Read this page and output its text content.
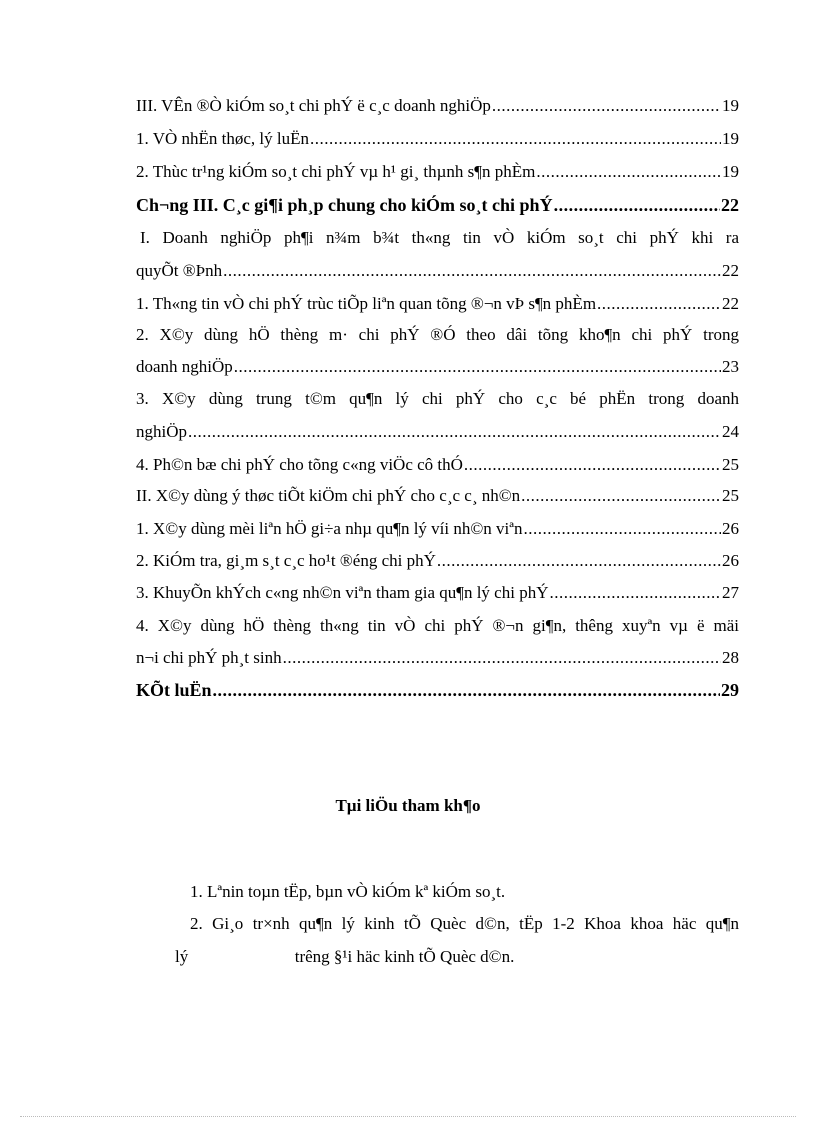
III. VÊn ®Ò kiÓm so¸t chi phÝ ë c¸c doanh nghiÖp .....	19
1. VÒ nhËn thøc, lý luËn .....	19
2. Thùc tr¹ng kiÓm so¸t chi phÝ vµ h¹ gi¸ thµnh s¶n phÈm .....	19
Ch¬ng III. C¸c gi¶i ph¸p chung cho kiÓm so¸t chi phÝ .....	22
I. Doanh nghiÖp ph¶i n¾m b¾t th«ng tin vÒ kiÓm so¸t chi phÝ khi ra
quyÕt ®Þnh .....	22
1. Th«ng tin vÒ chi phÝ trùc tiÕp liªn quan tõng ®¬n vÞ s¶n phÈm .....	22
2. X©y dùng hÖ thèng m· chi phÝ ®Ó theo dâi tõng kho¶n chi phÝ trong
doanh nghiÖp .....	23
3. X©y dùng trung t©m qu¶n lý chi phÝ cho c¸c bé phËn trong doanh
nghiÖp .....	24
4. Ph©n bæ chi phÝ cho tõng c«ng viÖc cô thÓ .....	25
II. X©y dùng ý thøc tiÕt kiÖm chi phÝ cho c¸c c¸ nh©n .....	25
1. X©y dùng mèi liªn hÖ gi÷a nhµ qu¶n lý víi nh©n viªn .....	26
2. KiÓm tra, gi¸m s¸t c¸c ho¹t ®éng chi phÝ .....	26
3. KhuyÕn khÝch c«ng nh©n viªn tham gia qu¶n lý chi phÝ .....	27
4. X©y dùng hÖ thèng th«ng tin vÒ chi phÝ ®¬n gi¶n, thêng xuyªn vµ ë mäi
n¬i chi phÝ ph¸t sinh .....	28
KÕt luËn .....	29
Tµi liÖu tham kh¶o
1. Lªnin toµn tËp, bµn vÒ kiÓm kª kiÓm so¸t.
2. Gi¸o tr×nh qu¶n lý kinh tÕ Quèc d©n, tËp 1-2 Khoa khoa häc qu¶n
lý	trêng §¹i häc kinh tÕ Quèc d©n.
